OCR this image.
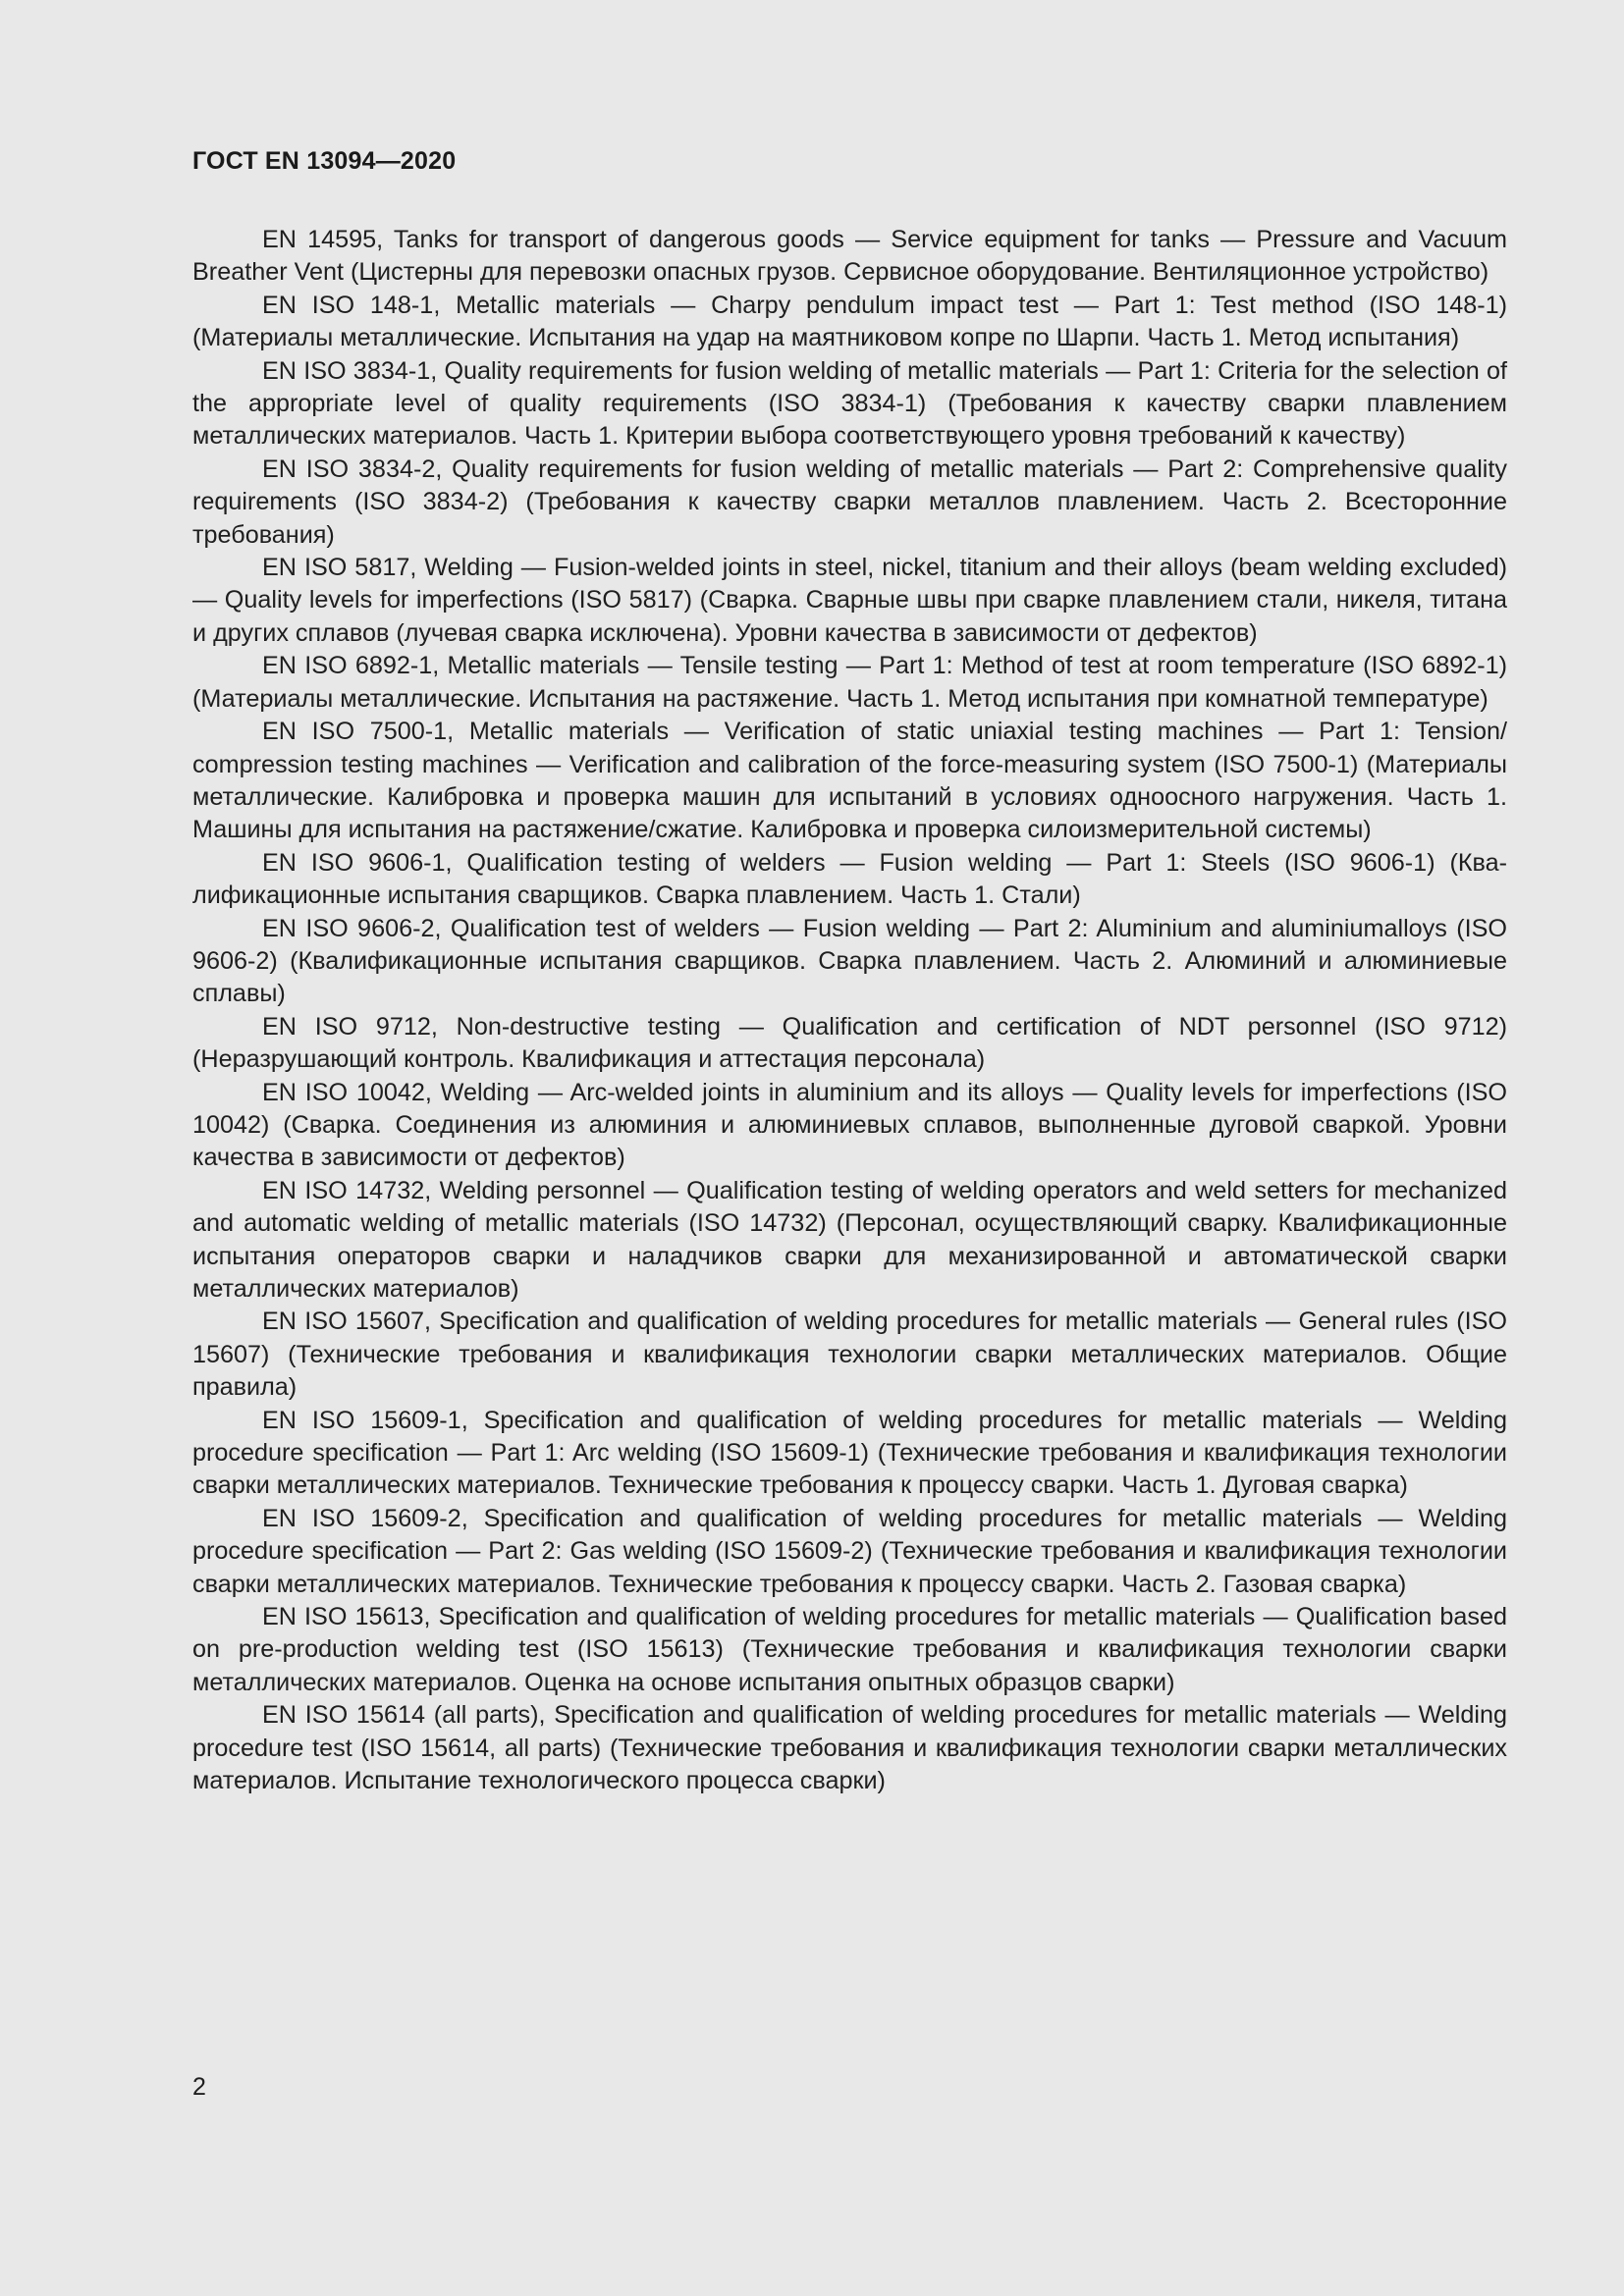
ГОСТ EN 13094—2020

EN 14595, Tanks for transport of dangerous goods — Service equipment for tanks — Pressure and Vacuum Breather Vent (Цистерны для перевозки опасных грузов. Сервисное оборудование. Вентиляционное устройство)

EN ISO 148-1, Metallic materials — Charpy pendulum impact test — Part 1: Test method (ISO 148-1) (Материалы металлические. Испытания на удар на маятниковом копре по Шарпи. Часть 1. Метод испытания)

EN ISO 3834-1, Quality requirements for fusion welding of metallic materials — Part 1: Criteria for the selection of the appropriate level of quality requirements (ISO 3834-1) (Требования к качеству сварки плавлением металлических материалов. Часть 1. Критерии выбора соответствующего уровня требований к качеству)

EN ISO 3834-2, Quality requirements for fusion welding of metallic materials — Part 2: Comprehensive quality requirements (ISO 3834-2) (Требования к качеству сварки металлов плавлением. Часть 2. Всесторонние требования)

EN ISO 5817, Welding — Fusion-welded joints in steel, nickel, titanium and their alloys (beam welding excluded) — Quality levels for imperfections (ISO 5817) (Сварка. Сварные швы при сварке плавлением стали, никеля, титана и других сплавов (лучевая сварка исключена). Уровни качества в зависимости от дефектов)

EN ISO 6892-1, Metallic materials — Tensile testing — Part 1: Method of test at room temperature (ISO 6892-1) (Материалы металлические. Испытания на растяжение. Часть 1. Метод испытания при комнатной температуре)

EN ISO 7500-1, Metallic materials — Verification of static uniaxial testing machines — Part 1: Tension/ compression testing machines — Verification and calibration of the force-measuring system (ISO 7500-1) (Материалы металлические. Калибровка и проверка машин для испытаний в условиях одноосного нагружения. Часть 1. Машины для испытания на растяжение/сжатие. Калибровка и проверка силоизмерительной системы)

EN ISO 9606-1, Qualification testing of welders — Fusion welding — Part 1: Steels (ISO 9606-1) (Квалификационные испытания сварщиков. Сварка плавлением. Часть 1. Стали)

EN ISO 9606-2, Qualification test of welders — Fusion welding — Part 2: Aluminium and aluminiumalloys (ISO 9606-2) (Квалификационные испытания сварщиков. Сварка плавлением. Часть 2. Алюминий и алюминиевые сплавы)

EN ISO 9712, Non-destructive testing — Qualification and certification of NDT personnel (ISO 9712) (Неразрушающий контроль. Квалификация и аттестация персонала)

EN ISO 10042, Welding — Arc-welded joints in aluminium and its alloys — Quality levels for imperfections (ISO 10042) (Сварка. Соединения из алюминия и алюминиевых сплавов, выполненные дуговой сваркой. Уровни качества в зависимости от дефектов)

EN ISO 14732, Welding personnel — Qualification testing of welding operators and weld setters for mechanized and automatic welding of metallic materials (ISO 14732) (Персонал, осуществляющий сварку. Квалификационные испытания операторов сварки и наладчиков сварки для механизированной и автоматической сварки металлических материалов)

EN ISO 15607, Specification and qualification of welding procedures for metallic materials — General rules (ISO 15607) (Технические требования и квалификация технологии сварки металлических материалов. Общие правила)

EN ISO 15609-1, Specification and qualification of welding procedures for metallic materials — Welding procedure specification — Part 1: Arc welding (ISO 15609-1) (Технические требования и квалификация технологии сварки металлических материалов. Технические требования к процессу сварки. Часть 1. Дуговая сварка)

EN ISO 15609-2, Specification and qualification of welding procedures for metallic materials — Welding procedure specification — Part 2: Gas welding (ISO 15609-2) (Технические требования и квалификация технологии сварки металлических материалов. Технические требования к процессу сварки. Часть 2. Газовая сварка)

EN ISO 15613, Specification and qualification of welding procedures for metallic materials — Qualification based on pre-production welding test (ISO 15613) (Технические требования и квалификация технологии сварки металлических материалов. Оценка на основе испытания опытных образцов сварки)

EN ISO 15614 (all parts), Specification and qualification of welding procedures for metallic materials — Welding procedure test (ISO 15614, all parts) (Технические требования и квалификация технологии сварки металлических материалов. Испытание технологического процесса сварки)

2
